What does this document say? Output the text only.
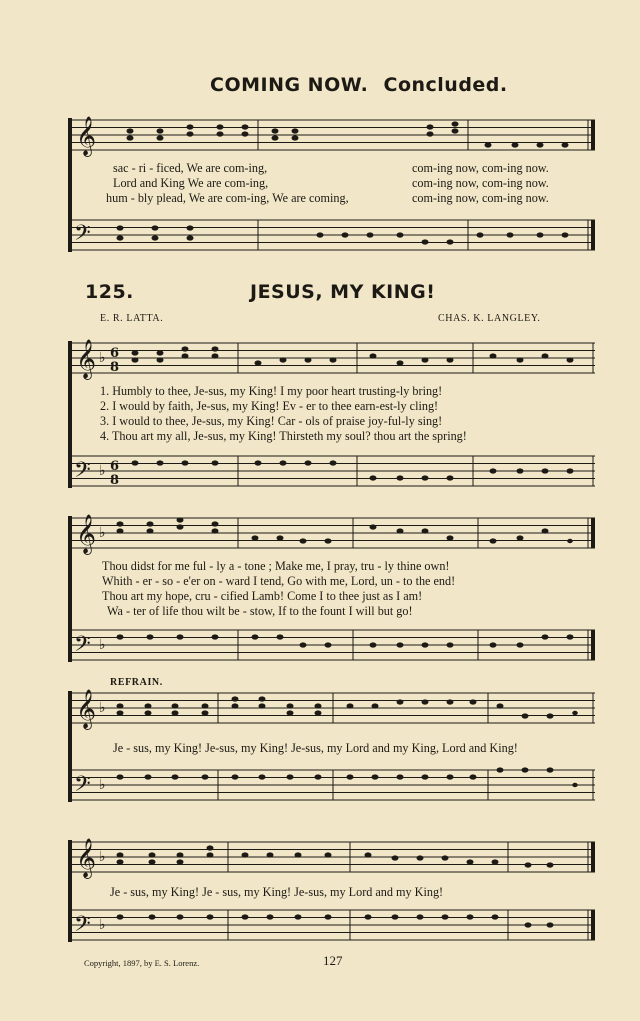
COMING NOW. Concluded.
𝄞
𝄢
𝄞
𝄢
♭
♭
6
8
6
8
𝄞
𝄢
♭
♭
𝄞
𝄢
♭
♭
𝄞
𝄢
♭
♭
sac - ri - ficed, We are com-ing,	com-ing now, com-ing now.
Lord and King We are com-ing,	com-ing now, com-ing now.
hum - bly plead, We are com-ing, We are coming,	com-ing now, com-ing now.
125.	JESUS, MY KING!
E. R. LATTA.	CHAS. K. LANGLEY.
1. Humbly to thee, Je-sus, my King! I my poor heart trusting-ly bring!
2. I would by faith, Je-sus, my King! Ev - er to thee earn-est-ly cling!
3. I would to thee, Je-sus, my King! Car - ols of praise joy-ful-ly sing!
4. Thou art my all, Je-sus, my King! Thirsteth my soul? thou art the spring!
Thou didst for me ful - ly a - tone ; Make me, I pray, tru - ly thine own!
Whith - er - so - e'er on - ward I tend, Go with me, Lord, un - to the end!
Thou art my hope, cru - cified Lamb! Come I to thee just as I am!
Wa - ter of life thou wilt be - stow, If to the fount I will but go!
REFRAIN.
Je - sus, my King! Je-sus, my King! Je-sus, my Lord and my King, Lord and King!
Je - sus, my King! Je - sus, my King! Je-sus, my Lord and my King!
Copyright, 1897, by E. S. Lorenz.	127
